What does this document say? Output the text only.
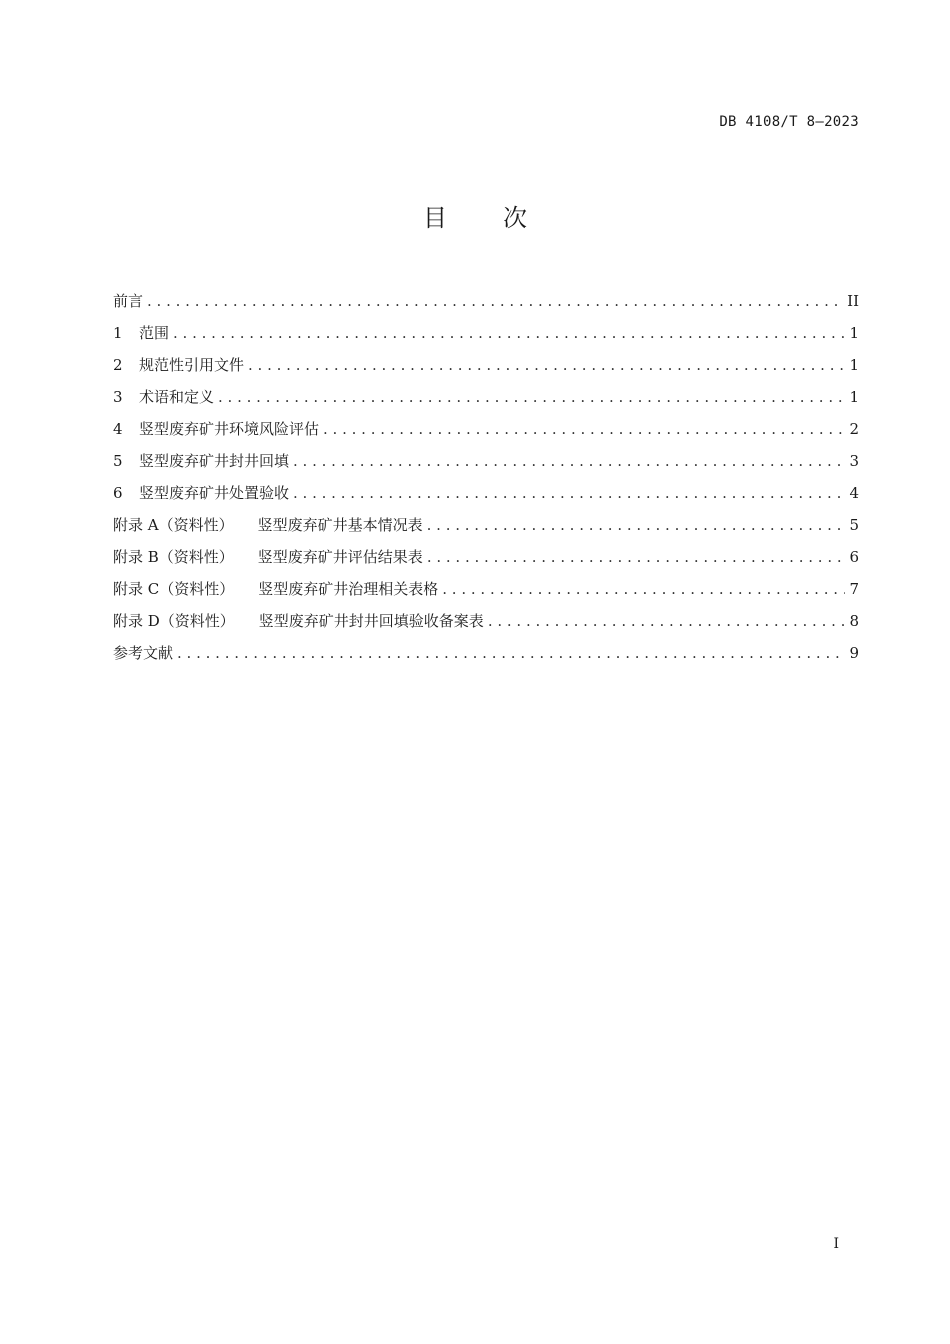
DB 4108/T 8—2023
目 次
前言 . . .	II
1	范围 . . .	1
2	规范性引用文件 . . .	1
3	术语和定义 . . .	1
4	竖型废弃矿井环境风险评估 . . .	2
5	竖型废弃矿井封井回填 . . .	3
6	竖型废弃矿井处置验收 . . .	4
附录 A（资料性） 竖型废弃矿井基本情况表 . . .	5
附录 B（资料性） 竖型废弃矿井评估结果表 . . .	6
附录 C（资料性） 竖型废弃矿井治理相关表格 . . .	7
附录 D（资料性） 竖型废弃矿井封井回填验收备案表 . . .	8
参考文献 . . .	9
I
